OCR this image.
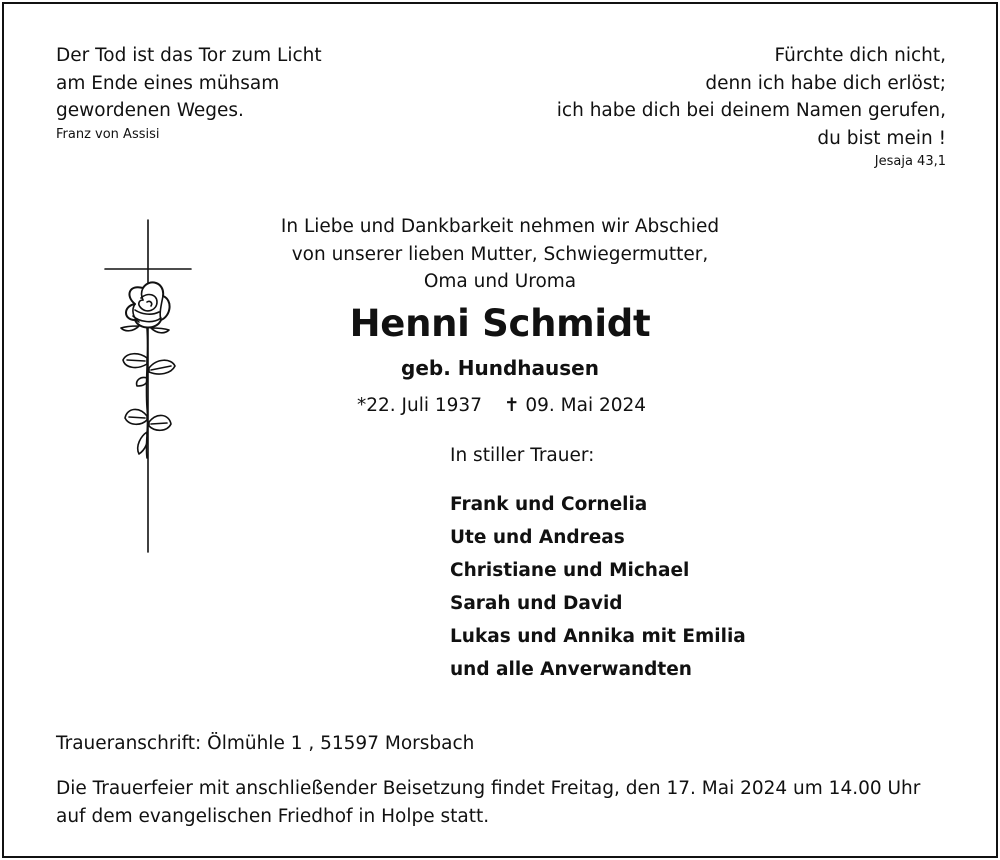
Der Tod ist das Tor zum Licht
am Ende eines mühsam
gewordenen Weges.
Franz von Assisi
Fürchte dich nicht,
denn ich habe dich erlöst;
ich habe dich bei deinem Namen gerufen,
du bist mein !
Jesaja 43,1
In Liebe und Dankbarkeit nehmen wir Abschied
von unserer lieben Mutter, Schwiegermutter,
Oma und Uroma
Henni Schmidt
geb. Hundhausen
*22. Juli 1937 ✝ 09. Mai 2024
In stiller Trauer:
Frank und Cornelia
Ute und Andreas
Christiane und Michael
Sarah und David
Lukas und Annika mit Emilia
und alle Anverwandten
Traueranschrift: Ölmühle 1 , 51597 Morsbach
Die Trauerfeier mit anschließender Beisetzung findet Freitag, den 17. Mai 2024 um 14.00 Uhr
auf dem evangelischen Friedhof in Holpe statt.
